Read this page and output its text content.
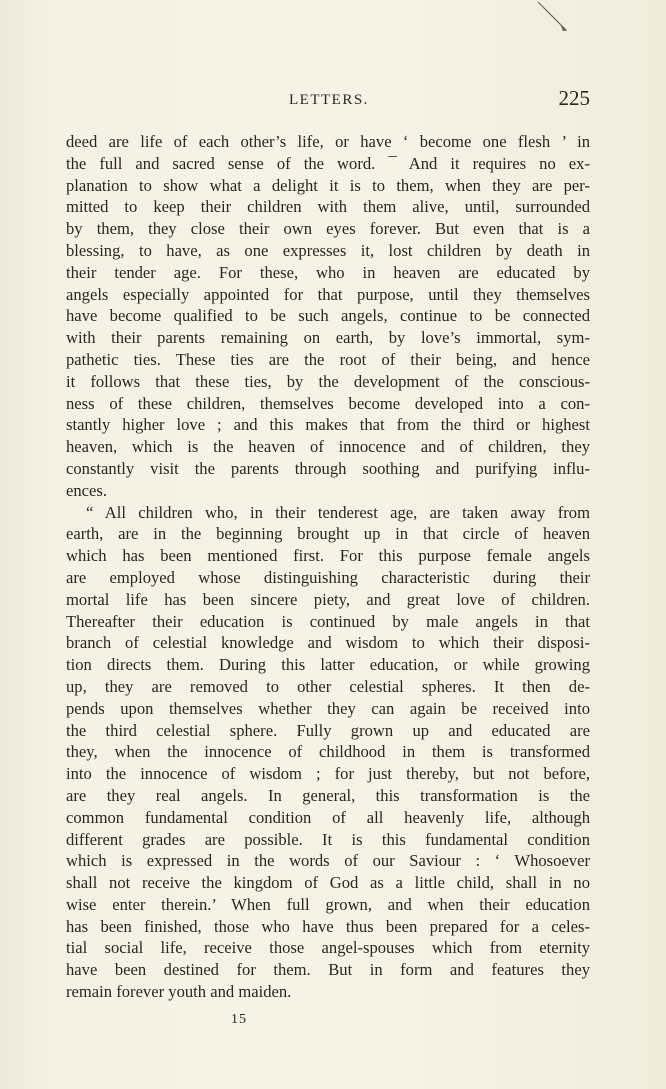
LETTERS.	225
deed are life of each other’s life, or have ‘ become one flesh ’ in
the full and sacred sense of the word. ¯ And it requires no ex-
planation to show what a delight it is to them, when they are per-
mitted to keep their children with them alive, until, surrounded
by them, they close their own eyes forever. But even that is a
blessing, to have, as one expresses it, lost children by death in
their tender age. For these, who in heaven are educated by
angels especially appointed for that purpose, until they themselves
have become qualified to be such angels, continue to be connected
with their parents remaining on earth, by love’s immortal, sym-
pathetic ties. These ties are the root of their being, and hence
it follows that these ties, by the development of the conscious-
ness of these children, themselves become developed into a con-
stantly higher love ; and this makes that from the third or highest
heaven, which is the heaven of innocence and of children, they
constantly visit the parents through soothing and purifying influ-
ences.
“ All children who, in their tenderest age, are taken away from
earth, are in the beginning brought up in that circle of heaven
which has been mentioned first. For this purpose female angels
are employed whose distinguishing characteristic during their
mortal life has been sincere piety, and great love of children.
Thereafter their education is continued by male angels in that
branch of celestial knowledge and wisdom to which their disposi-
tion directs them. During this latter education, or while growing
up, they are removed to other celestial spheres. It then de-
pends upon themselves whether they can again be received into
the third celestial sphere. Fully grown up and educated are
they, when the innocence of childhood in them is transformed
into the innocence of wisdom ; for just thereby, but not before,
are they real angels. In general, this transformation is the
common fundamental condition of all heavenly life, although
different grades are possible. It is this fundamental condition
which is expressed in the words of our Saviour : ‘ Whosoever
shall not receive the kingdom of God as a little child, shall in no
wise enter therein.’ When full grown, and when their education
has been finished, those who have thus been prepared for a celes-
tial social life, receive those angel-spouses which from eternity
have been destined for them. But in form and features they
remain forever youth and maiden.
15
